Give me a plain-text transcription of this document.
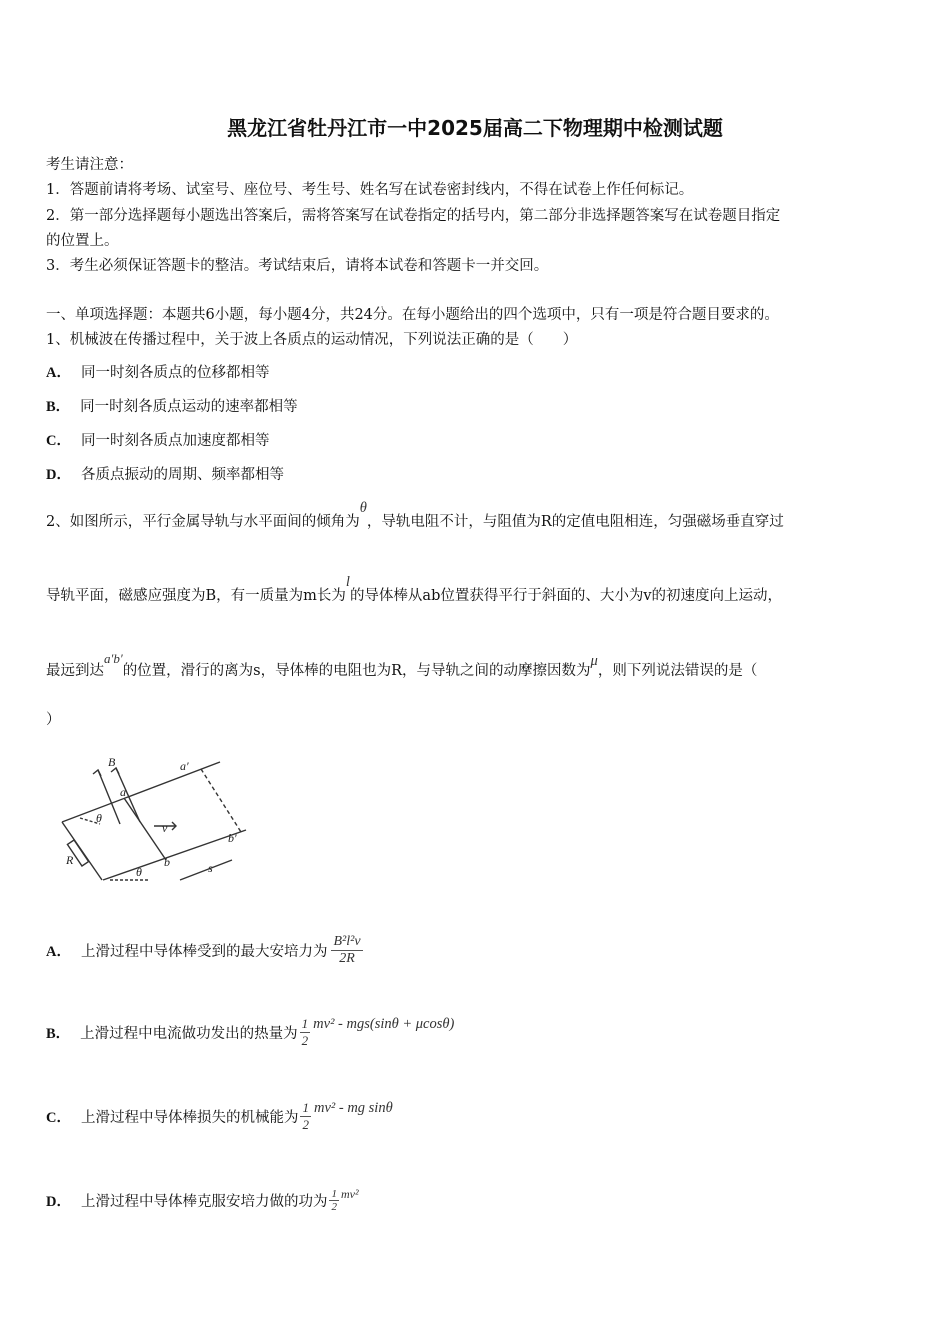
黑龙江省牡丹江市一中2025届高二下物理期中检测试题
考生请注意：
1．答题前请将考场、试室号、座位号、考生号、姓名写在试卷密封线内，不得在试卷上作任何标记。
2．第一部分选择题每小题选出答案后，需将答案写在试卷指定的括号内，第二部分非选择题答案写在试卷题目指定
的位置上。
3．考生必须保证答题卡的整洁。考试结束后，请将本试卷和答题卡一并交回。
一、单项选择题：本题共6小题，每小题4分，共24分。在每小题给出的四个选项中，只有一项是符合题目要求的。
1、机械波在传播过程中，关于波上各质点的运动情况，下列说法正确的是（　　）
A． 同一时刻各质点的位移都相等
B． 同一时刻各质点运动的速率都相等
C． 同一时刻各质点加速度都相等
D． 各质点振动的周期、频率都相等
2、如图所示，平行金属导轨与水平面间的倾角为θ，导轨电阻不计，与阻值为R的定值电阻相连，匀强磁场垂直穿过
导轨平面，磁感应强度为B，有一质量为m长为l的导体棒从ab位置获得平行于斜面的、大小为v的初速度向上运动，
最远到达a′b′的位置，滑行的离为s，导体棒的电阻也为R，与导轨之间的动摩擦因数为μ，则下列说法错误的是（
）
B	a′
a
θ
v
b′
R	b	s
θ
A． 上滑过程中导体棒受到的最大安培力为 $\frac{\text{B²l²v}}{2R}$
B． 上滑过程中电流做功发出的热量为 $\frac{1}{2} mv^2 - mgs(\sin\theta + \mu\cos\theta)$
C． 上滑过程中导体棒损失的机械能为 $\frac{1}{2} mv^2$ - mg sinθ
D． 上滑过程中导体棒克服安培力做的功为 $\frac{1}{2} mv^2$
